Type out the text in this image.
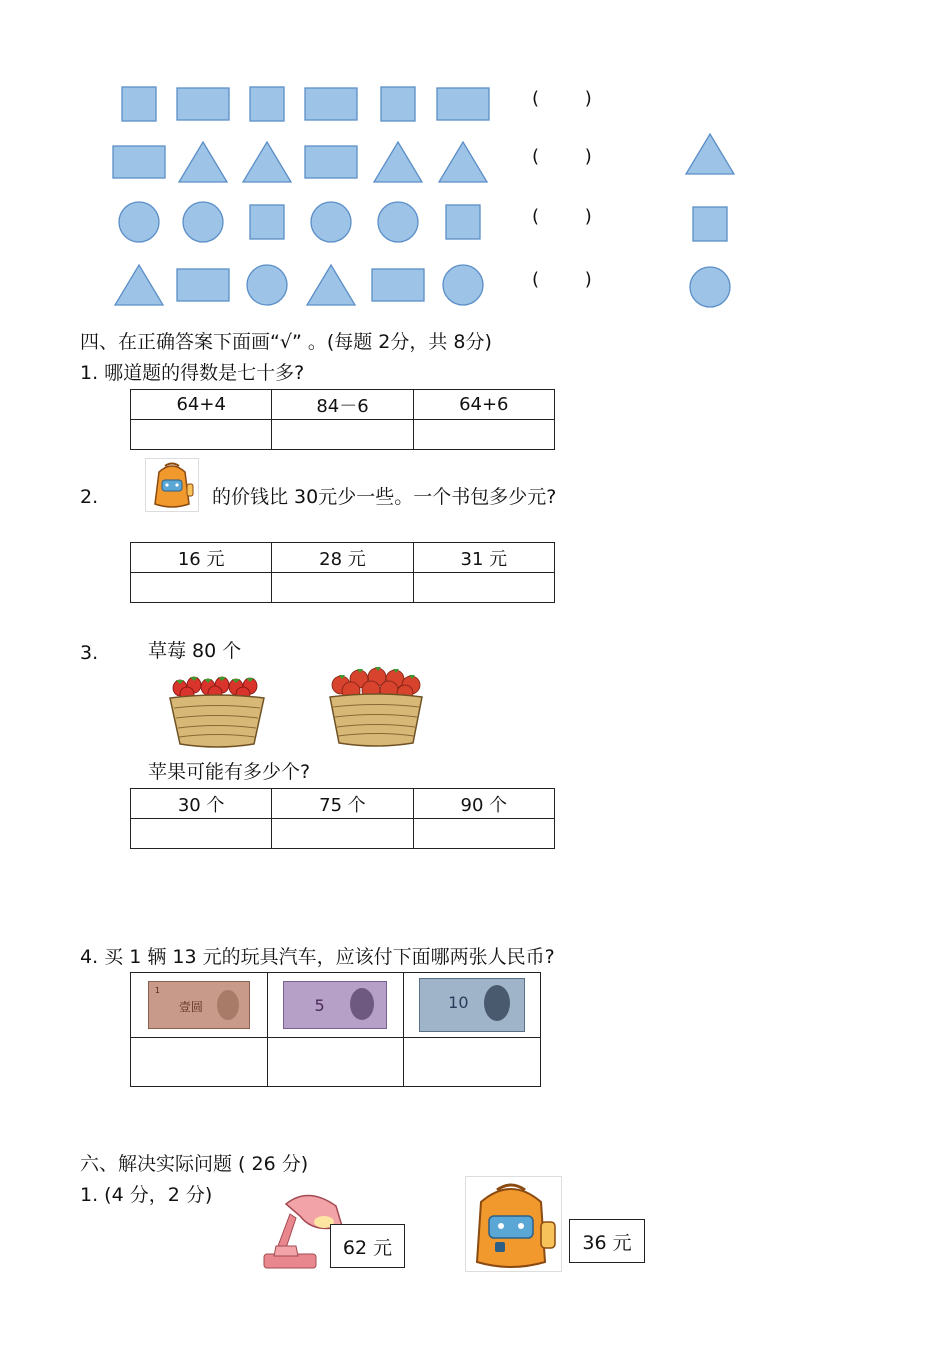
(        )
(        )
(        )
(        )
四、在正确答案下面画“√” 。(每题 2分，共 8分)
1. 哪道题的得数是七十多?
64+4	84－6	64+6

2.	的价钱比 30元少一些。一个书包多少元?
16 元	28 元	31 元

3.	草莓 80 个
苹果可能有多少个?
30 个	75 个	90 个

4. 买 1 辆 13 元的玩具汽车，应该付下面哪两张人民币?
1
壹圆	5	10

六、解决实际问题 ( 26 分)
1. (4 分，2 分)
62 元	36 元
